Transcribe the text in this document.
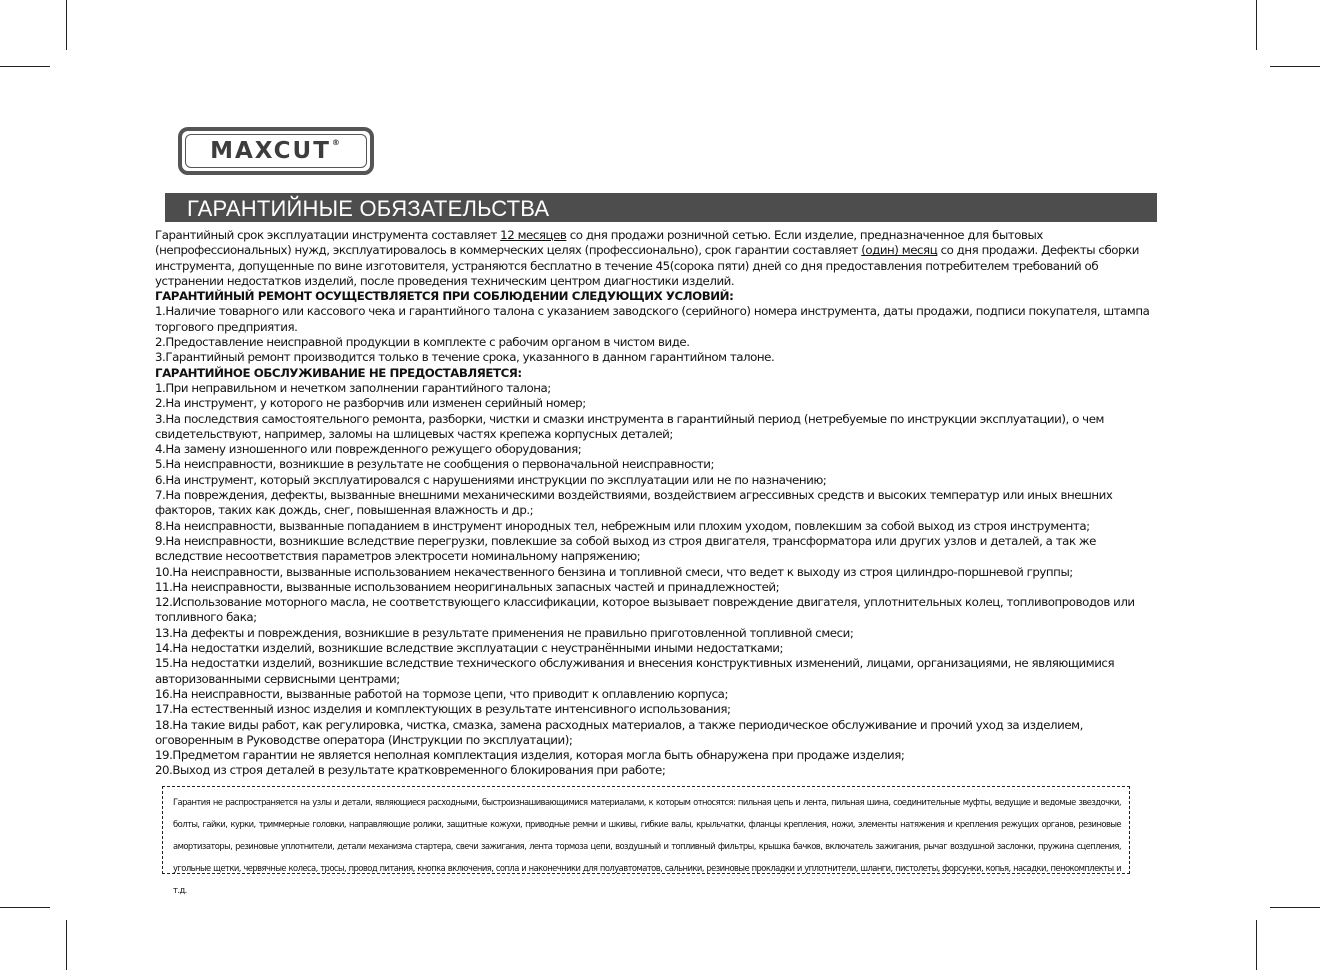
MAXCUT®
ГАРАНТИЙНЫЕ ОБЯЗАТЕЛЬСТВА

Гарантийный срок эксплуатации инструмента составляет 12 месяцев со дня продажи розничной сетью. Если изделие, предназначенное для бытовых (непрофессиональных) нужд, эксплуатировалось в коммерческих целях (профессионально), срок гарантии составляет (один) месяц со дня продажи. Дефекты сборки инструмента, допущенные по вине изготовителя, устраняются бесплатно в течение 45(сорока пяти) дней со дня предоставления потребителем требований об устранении недостатков изделий, после проведения техническим центром диагностики изделий.

ГАРАНТИЙНЫЙ РЕМОНТ ОСУЩЕСТВЛЯЕТСЯ ПРИ СОБЛЮДЕНИИ СЛЕДУЮЩИХ УСЛОВИЙ:

1.Наличие товарного или кассового чека и гарантийного талона с указанием заводского (серийного) номера инструмента, даты продажи, подписи покупателя, штампа торгового предприятия.

2.Предоставление неисправной продукции в комплекте с рабочим органом в чистом виде.

3.Гарантийный ремонт производится только в течение срока, указанного в данном гарантийном талоне.

ГАРАНТИЙНОЕ ОБСЛУЖИВАНИЕ НЕ ПРЕДОСТАВЛЯЕТСЯ:

1.При неправильном и нечетком заполнении гарантийного талона;

2.На инструмент, у которого не разборчив или изменен серийный номер;

3.На последствия самостоятельного ремонта, разборки, чистки и смазки инструмента в гарантийный период (нетребуемые по инструкции эксплуатации), о чем свидетельствуют, например, заломы на шлицевых частях крепежа корпусных деталей;

4.На замену изношенного или поврежденного режущего оборудования;

5.На неисправности, возникшие в результате не сообщения о первоначальной неисправности;

6.На инструмент, который эксплуатировался с нарушениями инструкции по эксплуатации или не по назначению;

7.На повреждения, дефекты, вызванные внешними механическими воздействиями, воздействием агрессивных средств и высоких температур или иных внешних факторов, таких как дождь, снег, повышенная влажность и др.;

8.На неисправности, вызванные попаданием в инструмент инородных тел, небрежным или плохим уходом, повлекшим за собой выход из строя инструмента;

9.На неисправности, возникшие вследствие перегрузки, повлекшие за собой выход из строя двигателя, трансформатора или других узлов и деталей, а так же вследствие несоответствия параметров электросети номинальному напряжению;

10.На неисправности, вызванные использованием некачественного бензина и топливной смеси, что ведет к выходу из строя цилиндро-поршневой группы;

11.На неисправности, вызванные использованием неоригинальных запасных частей и принадлежностей;

12.Использование моторного масла, не соответствующего классификации, которое вызывает повреждение двигателя, уплотнительных колец, топливопроводов или топливного бака;

13.На дефекты и повреждения, возникшие в результате применения не правильно приготовленной топливной смеси;

14.На недостатки изделий, возникшие вследствие эксплуатации с неустранёнными иными недостатками;

15.На недостатки изделий, возникшие вследствие технического обслуживания и внесения конструктивных изменений, лицами, организациями, не являющимися авторизованными сервисными центрами;

16.На неисправности, вызванные работой на тормозе цепи, что приводит к оплавлению корпуса;

17.На естественный износ изделия и комплектующих в результате интенсивного использования;

18.На такие виды работ, как регулировка, чистка, смазка, замена расходных материалов, а также периодическое обслуживание и прочий уход за изделием, оговоренным в Руководстве оператора (Инструкции по эксплуатации);

19.Предметом гарантии не является неполная комплектация изделия, которая могла быть обнаружена при продаже изделия;

20.Выход из строя деталей в результате кратковременного блокирования при работе;

Гарантия не распространяется на узлы и детали, являющиеся расходными, быстроизнашивающимися материалами, к которым относятся: пильная цепь и лента, пильная шина, соединительные муфты, ведущие и ведомые звездочки, болты, гайки, курки, триммерные головки, направляющие ролики, защитные кожухи, приводные ремни и шкивы, гибкие валы, крыльчатки, фланцы крепления, ножи, элементы натяжения и крепления режущих органов, резиновые амортизаторы, резиновые уплотнители, детали механизма стартера, свечи зажигания, лента тормоза цепи, воздушный и топливный фильтры, крышка бачков, включатель зажигания, рычаг воздушной заслонки, пружина сцепления, угольные щетки, червячные колеса, тросы, провод питания, кнопка включения, сопла и наконечники для полуавтоматов, сальники, резиновые прокладки и уплотнители, шланги, пистолеты, форсунки, копья, насадки, пенокомплекты и т.д.
